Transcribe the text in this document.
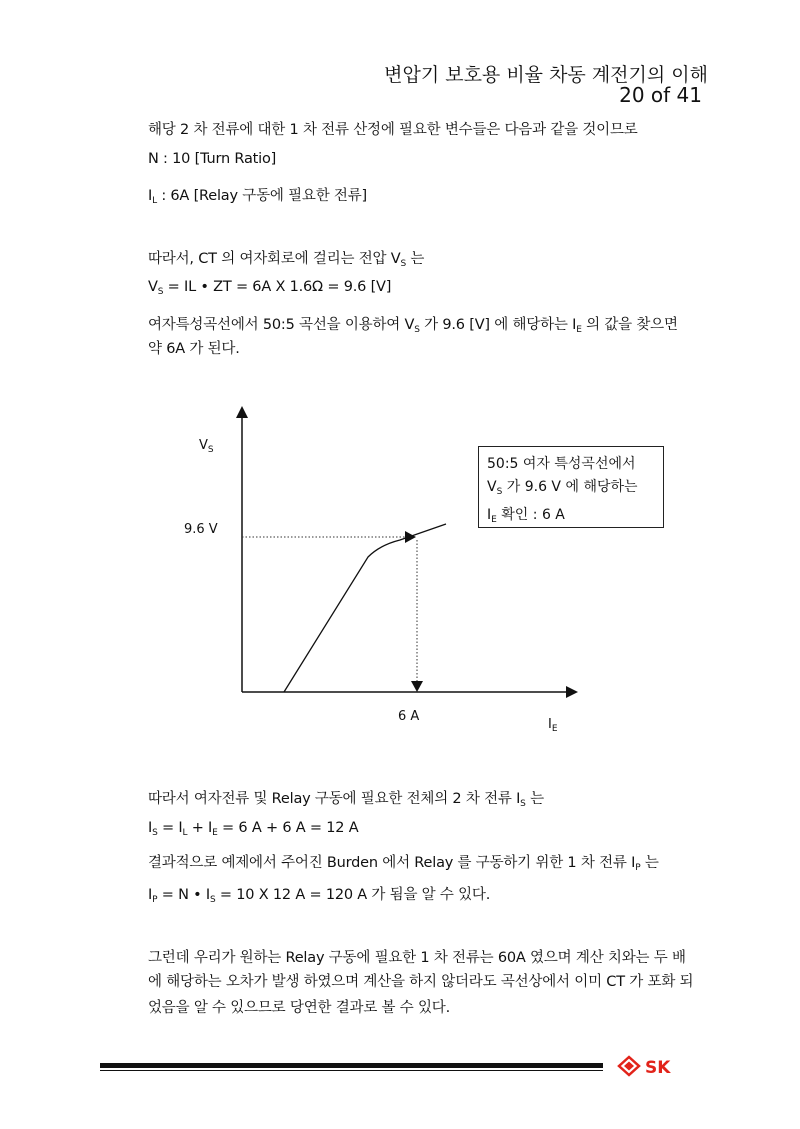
변압기 보호용 비율 차동 계전기의 이해
20 of 41
해당 2 차 전류에 대한 1 차 전류 산정에 필요한 변수들은 다음과 같을 것이므로
N : 10 [Turn Ratio]
$I_L$ : 6A [Relay 구동에 필요한 전류]
따라서, CT 의 여자회로에 걸리는 전압 $V_S$ 는
$V_S$ = IL • ZT = 6A X 1.6Ω = 9.6 [V]
여자특성곡선에서 50:5 곡선을 이용하여 $V_S$ 가 9.6 [V] 에 해당하는 $I_E$ 의 값을 찾으면
약 6A 가 된다.
$V_S$
9.6 V
6 A
$I_E$
50:5 여자 특성곡선에서
$V_S$ 가 9.6 V 에 해당하는
$I_E$ 확인 : 6 A
따라서 여자전류 및 Relay 구동에 필요한 전체의 2 차 전류 $I_S$ 는
$I_S = I_L + I_E = 6$ A + 6 A = 12 A
결과적으로 예제에서 주어진 Burden 에서 Relay 를 구동하기 위한 1 차 전류 $I_P$ 는
$I_P = N$ • $I_S = 10$ X 12 A = 120 A 가 됨을 알 수 있다.
그런데 우리가 원하는 Relay 구동에 필요한 1 차 전류는 60A 였으며 계산 치와는 두 배
에 해당하는 오차가 발생 하였으며 계산을 하지 않더라도 곡선상에서 이미 CT 가 포화 되
었음을 알 수 있으므로 당연한 결과로 볼 수 있다.
SK
